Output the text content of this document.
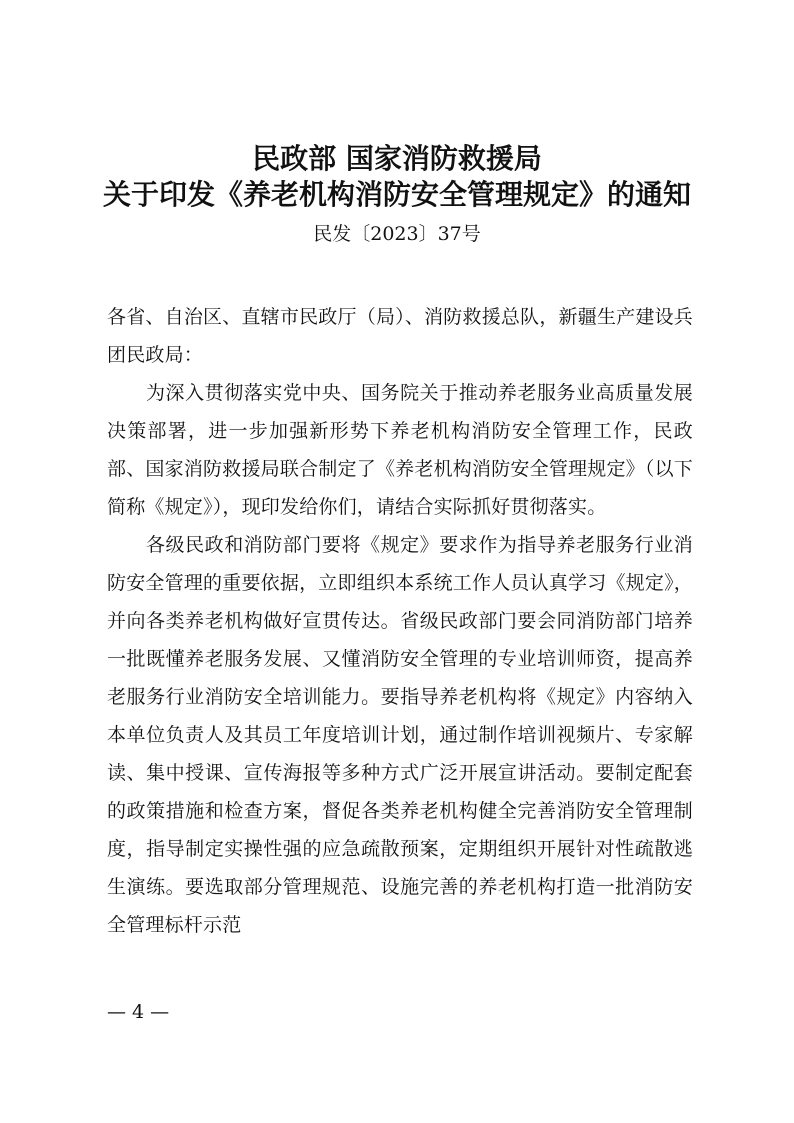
民政部 国家消防救援局
关于印发《养老机构消防安全管理规定》的通知
民发〔2023〕37号

各省、自治区、直辖市民政厅（局）、消防救援总队，新疆生产建设兵团民政局：

为深入贯彻落实党中央、国务院关于推动养老服务业高质量发展决策部署，进一步加强新形势下养老机构消防安全管理工作，民政部、国家消防救援局联合制定了《养老机构消防安全管理规定》（以下简称《规定》），现印发给你们，请结合实际抓好贯彻落实。

各级民政和消防部门要将《规定》要求作为指导养老服务行业消防安全管理的重要依据，立即组织本系统工作人员认真学习《规定》，并向各类养老机构做好宣贯传达。省级民政部门要会同消防部门培养一批既懂养老服务发展、又懂消防安全管理的专业培训师资，提高养老服务行业消防安全培训能力。要指导养老机构将《规定》内容纳入本单位负责人及其员工年度培训计划，通过制作培训视频片、专家解读、集中授课、宣传海报等多种方式广泛开展宣讲活动。要制定配套的政策措施和检查方案，督促各类养老机构健全完善消防安全管理制度，指导制定实操性强的应急疏散预案，定期组织开展针对性疏散逃生演练。要选取部分管理规范、设施完善的养老机构打造一批消防安全管理标杆示范

— 4 —
